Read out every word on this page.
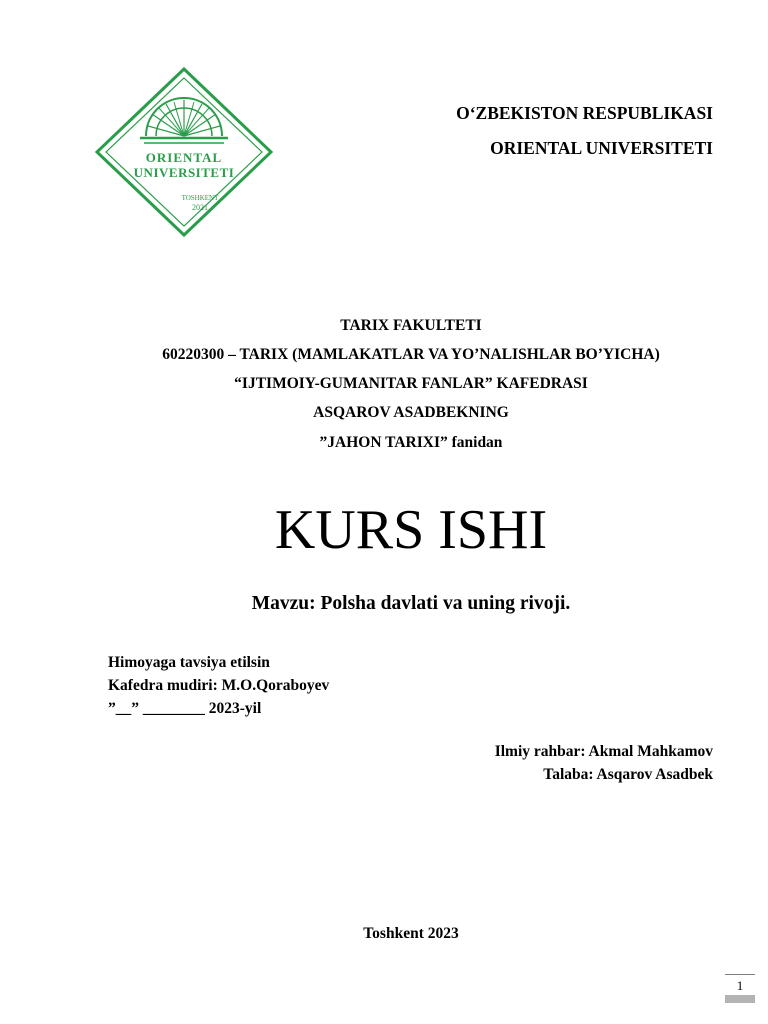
ORIENTAL
UNIVERSITETI
TOSHKENT
2021
O‘ZBEKISTON RESPUBLIKASI
ORIENTAL UNIVERSITETI
TARIX FAKULTETI
60220300 – TARIX (MAMLAKATLAR VA YO’NALISHLAR BO’YICHA)
“IJTIMOIY-GUMANITAR FANLAR” KAFEDRASI
ASQAROV ASADBEKNING
”JAHON TARIXI” fanidan
KURS ISHI
Mavzu: Polsha davlati va uning rivoji.
Himoyaga tavsiya etilsin
Kafedra mudiri: M.O.Qoraboyev
”__” ________ 2023-yil
Ilmiy rahbar: Akmal Mahkamov
Talaba: Asqarov Asadbek
Toshkent 2023
1
